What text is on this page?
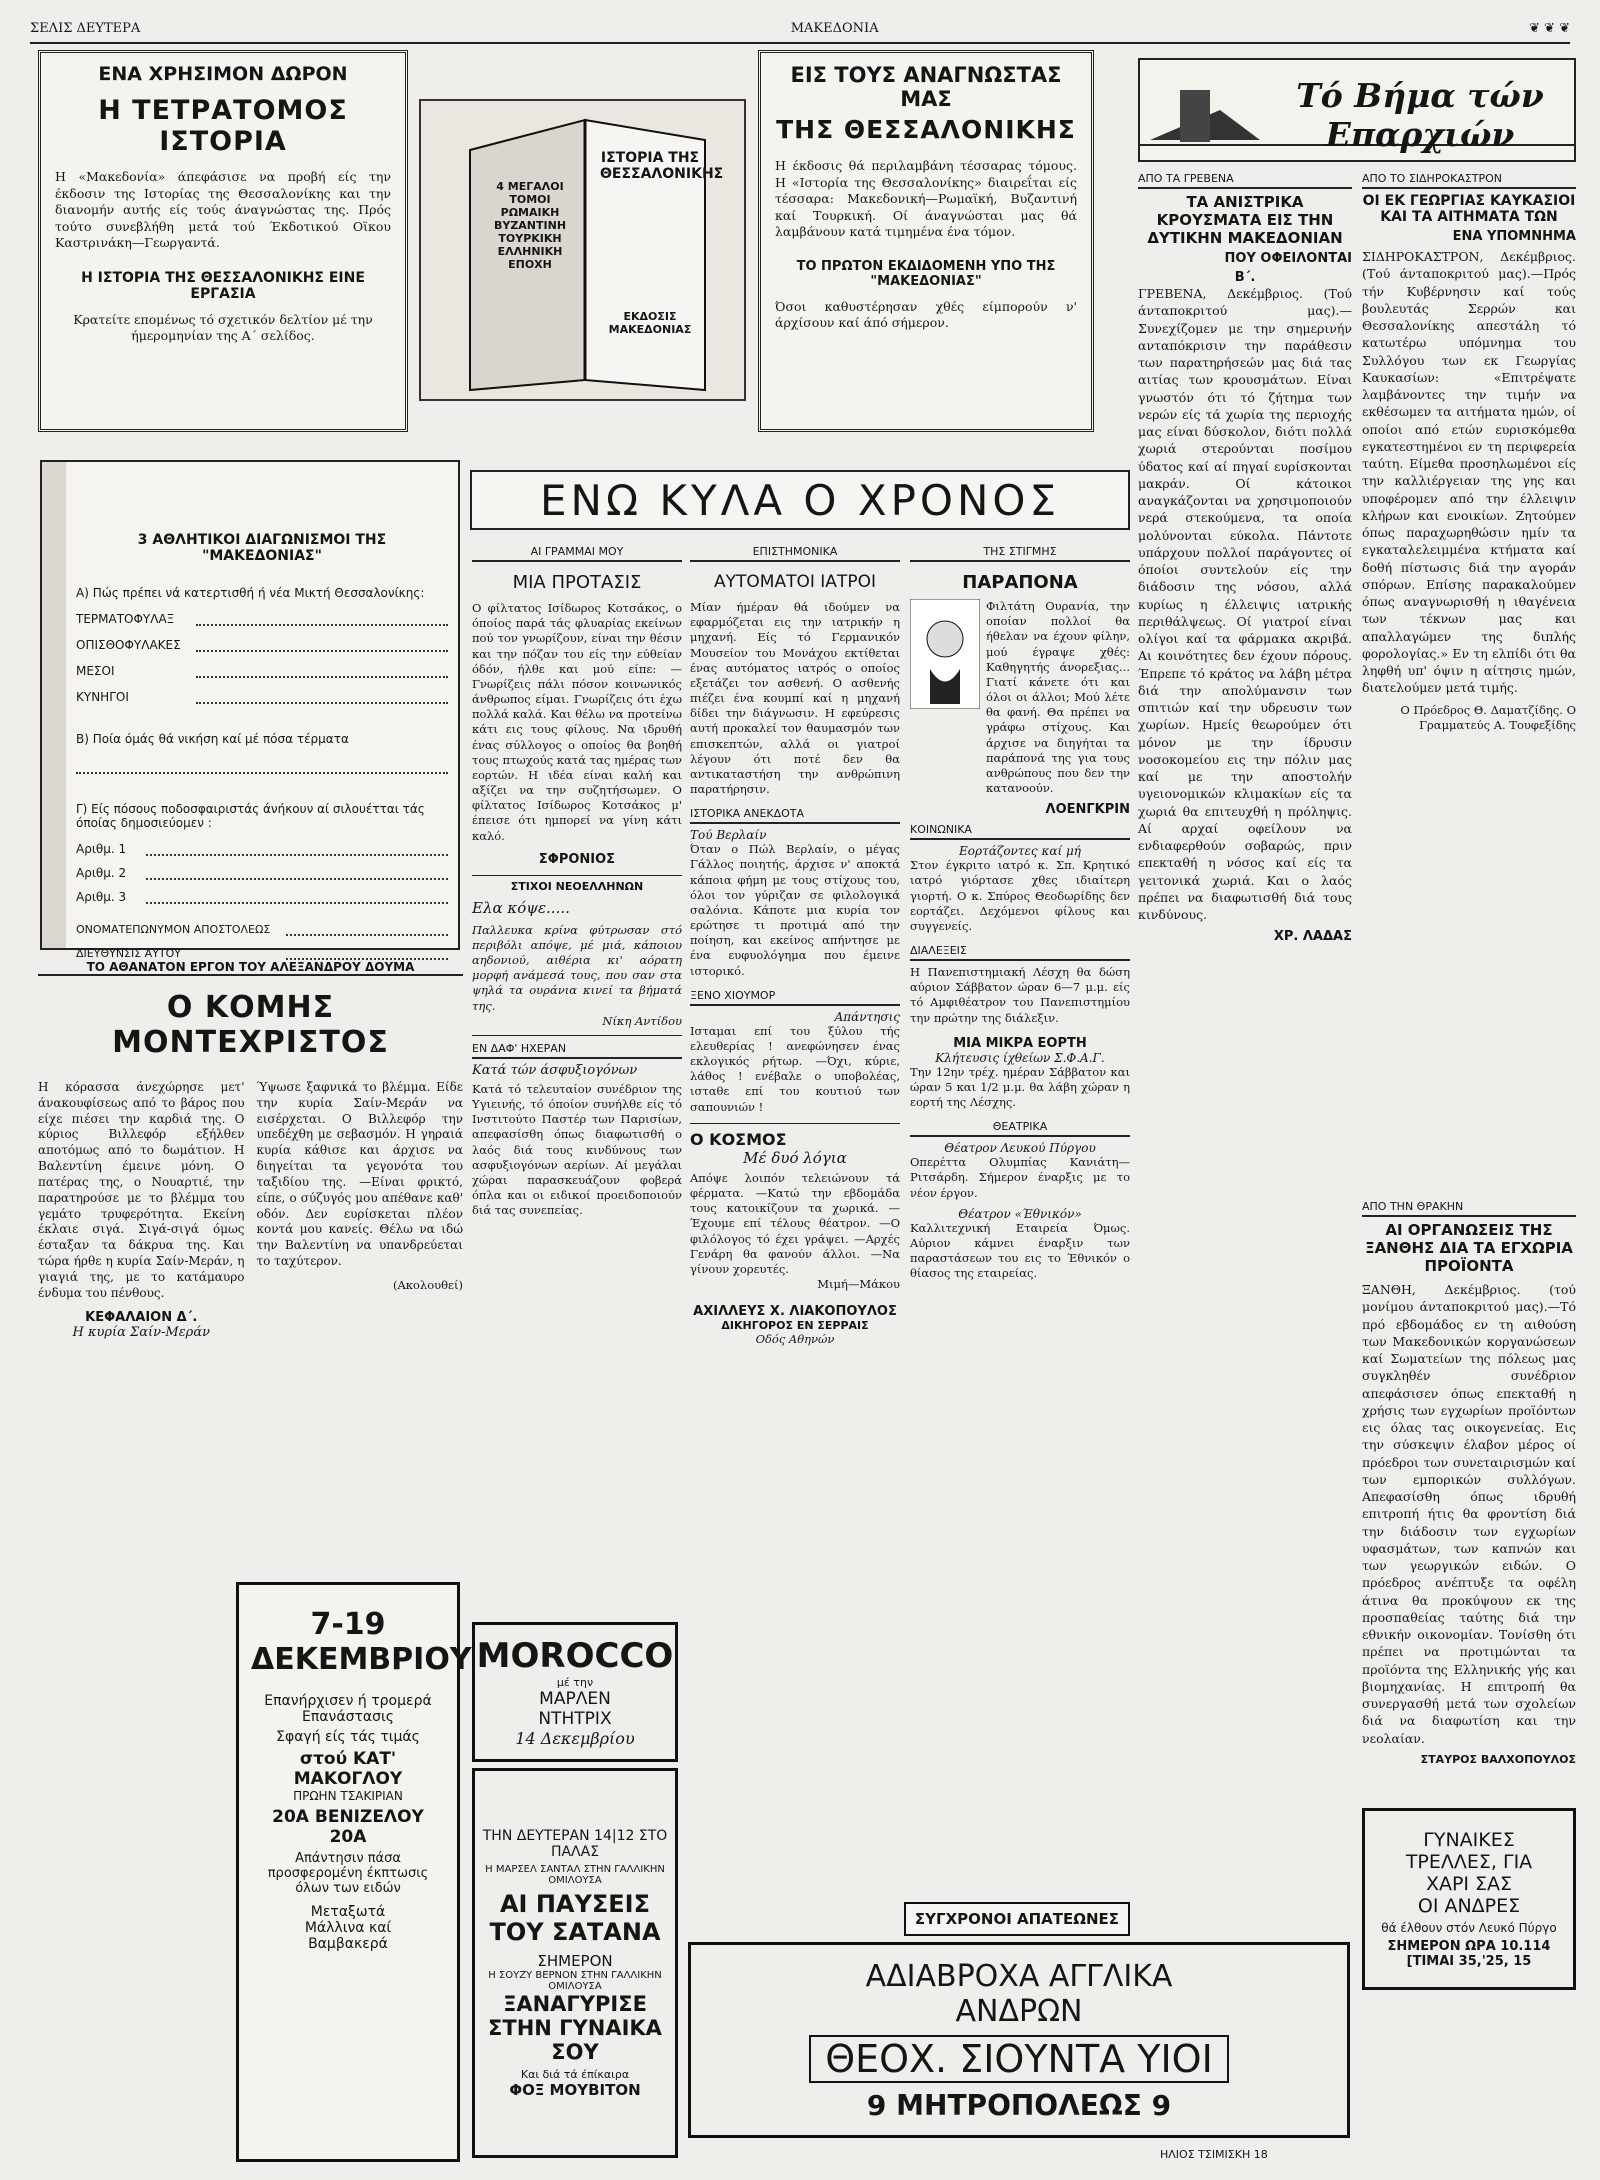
ΣΕΛΙΣ ΔΕΥΤΕΡΑ	ΜΑΚΕΔΟΝΙΑ	❦ ❦ ❦
ΕΝΑ ΧΡΗΣΙΜΟΝ ΔΩΡΟΝ
Η ΤΕΤΡΑΤΟΜΟΣ ΙΣΤΟΡΙΑ
Η «Μακεδονία» άπεφάσισε να προβή είς την έκδοσιν της Ιστορίας της Θεσσαλονίκης και την διανομήν αυτής είς τούς άναγνώστας της. Πρός τούτο συνεβλήθη μετά τού Έκδοτικού Οϊκου Καστρινάκη—Γεωργαντά.
Η ΙΣΤΟΡΙΑ ΤΗΣ ΘΕΣΣΑΛΟΝΙΚΗΣ ΕΙΝΕ ΕΡΓΑΣΙΑ
Κρατείτε επομένως τό σχετικόν δελτίον μέ την ήμερομηνίαν της Α΄ σελίδος.
ΙΣΤΟΡΙΑ ΤΗΣ ΘΕΣΣΑΛΟΝΙΚΗΣ
4 ΜΕΓΑΛΟΙ ΤΟΜΟΙ ΡΩΜΑΙΚΗ ΒΥΖΑΝΤΙΝΗ ΤΟΥΡΚΙΚΗ ΕΛΛΗΝΙΚΗ ΕΠΟΧΗ
ΕΚΔΟΣΙΣ ΜΑΚΕΔΟΝΙΑΣ
ΕΙΣ ΤΟΥΣ ΑΝΑΓΝΩΣΤΑΣ ΜΑΣ
ΤΗΣ ΘΕΣΣΑΛΟΝΙΚΗΣ
Η έκδοσις θά περιλαμβάνη τέσσαρας τόμους. Η «Ιστορία της Θεσσαλονίκης» διαιρεΐται είς τέσσαρα: Μακεδονική—Ρωμαϊκή, Βυζαντινή καί Τουρκική. Οί άναγνώσται μας θά λαμβάνουν κατά τιμημένα ένα τόμον.
ΤΟ ΠΡΩΤΟΝ ΕΚΔΙΔΟΜΕΝΗ ΥΠΟ ΤΗΣ "ΜΑΚΕΔΟΝΙΑΣ"
Όσοι καθυστέρησαν χθές είμπορούν ν' άρχίσουν καί άπό σήμερον.
Τό Βήμα τών Επαρχιών
ΑΠΟ ΤΑ ΓΡΕΒΕΝΑ
ΤΑ ΑΝΙΣΤΡΙΚΑ ΚΡΟΥΣΜΑΤΑ ΕΙΣ ΤΗΝ ΔΥΤΙΚΗΝ ΜΑΚΕΔΟΝΙΑΝ
ΠΟΥ ΟΦΕΙΛΟΝΤΑΙ
Β΄.
ΓΡΕΒΕΝΑ, Δεκέμβριος. (Τού άνταποκριτού μας).—Συνεχίζομεν με την σημερινήν ανταπόκρισιν την παράθεσιν των παρατηρήσεών μας διά τας αιτίας των κρουσμάτων. Είναι γνωστόν ότι τό ζήτημα των νερών είς τά χωρία της περιοχής μας είναι δύσκολον, διότι πολλά χωριά στερούνται ποσίμου ύδατος καί αί πηγαί ευρίσκονται μακράν. Οί κάτοικοι αναγκάζονται να χρησιμοποιούν νερά στεκούμενα, τα οποία μολύνονται εύκολα. Πάντοτε υπάρχουν πολλοί παράγοντες οί όποίοι συντελούν είς την διάδοσιν της νόσου, αλλά κυρίως η έλλειψις ιατρικής περιθάλψεως. Οί γιατροί είναι ολίγοι καί τα φάρμακα ακριβά. Αι κοινότητες δεν έχουν πόρους. Έπρεπε τό κράτος να λάβη μέτρα διά την απολύμανσιν των σπιτιών καί την υδρευσιν των χωρίων. Ημείς θεωρούμεν ότι μόνον με την ίδρυσιν νοσοκομείου εις την πόλιν μας καί με την αποστολήν υγειονομικών κλιμακίων είς τα χωριά θα επιτευχθή η πρόληψις. Αί αρχαί οφείλουν να ενδιαφερθούν σοβαρώς, πριν επεκταθή η νόσος καί είς τα γειτονικά χωριά. Και ο λαός πρέπει να διαφωτισθή διά τους κινδύνους.
ΧΡ. ΛΑΔΑΣ
ΑΠΟ ΤΟ ΣΙΔΗΡΟΚΑΣΤΡΟΝ
ΟΙ ΕΚ ΓΕΩΡΓΙΑΣ ΚΑΥΚΑΣΙΟΙ ΚΑΙ ΤΑ ΑΙΤΗΜΑΤΑ ΤΩΝ
ΕΝΑ ΥΠΟΜΝΗΜΑ
ΣΙΔΗΡΟΚΑΣΤΡΟΝ, Δεκέμβριος. (Τού άνταποκριτού μας).—Πρός τήν Κυβέρνησιν καί τούς βουλευτάς Σερρών και Θεσσαλονίκης απεστάλη τό κατωτέρω υπόμνημα του Συλλόγου των εκ Γεωργίας Καυκασίων: «Επιτρέψατε λαμβάνοντες την τιμήν να εκθέσωμεν τα αιτήματα ημών, οί οποίοι από ετών ευρισκόμεθα εγκατεστημένοι εν τη περιφερεία ταύτη. Είμεθα προσηλωμένοι είς την καλλιέργειαν της γης και υποφέρομεν από την έλλειψιν κλήρων και ενοικίων. Ζητούμεν όπως παραχωρηθώσιν ημίν τα εγκαταλελειμμένα κτήματα καί δοθή πίστωσις διά την αγοράν σπόρων. Επίσης παρακαλούμεν όπως αναγνωρισθή η ιθαγένεια των τέκνων μας και απαλλαγώμεν της διπλής φορολογίας.» Εν τη ελπίδι ότι θα ληφθή υπ' όψιν η αίτησις ημών, διατελούμεν μετά τιμής.
Ο Πρόεδρος Θ. Δαματζίδης. Ο Γραμματεύς Α. Τουφεξίδης
ΑΠΟ ΤΗΝ ΘΡΑΚΗΝ
ΑΙ ΟΡΓΑΝΩΣΕΙΣ ΤΗΣ ΞΑΝΘΗΣ ΔΙΑ ΤΑ ΕΓΧΩΡΙΑ ΠΡΟΪΟΝΤΑ
ΞΑΝΘΗ, Δεκέμβριος. (τού μονίμου άνταποκριτού μας).—Τό πρό εβδομάδος εν τη αιθούση των Μακεδονικών κοργανώσεων καί Σωματείων της πόλεως μας συγκληθέν συνέδριον απεφάσισεν όπως επεκταθή η χρήσις των εγχωρίων προϊόντων εις όλας τας οικογενείας. Εις την σύσκεψιν έλαβον μέρος οί πρόεδροι των συνεταιρισμών καί των εμπορικών συλλόγων. Απεφασίσθη όπως ιδρυθή επιτροπή ήτις θα φροντίση διά την διάδοσιν των εγχωρίων υφασμάτων, των καπνών και των γεωργικών ειδών. Ο πρόεδρος ανέπτυξε τα οφέλη άτινα θα προκύψουν εκ της προσπαθείας ταύτης διά την εθνικήν οικονομίαν. Τονίσθη ότι πρέπει να προτιμώνται τα προϊόντα της Ελληνικής γής και βιομηχανίας. Η επιτροπή θα συνεργασθή μετά των σχολείων διά να διαφωτίση και την νεολαίαν.
ΣΤΑΥΡΟΣ ΒΑΛΧΟΠΟΥΛΟΣ
ΓΥΝΑΙΚΕΣ
ΤΡΕΛΛΕΣ, ΓΙΑ
ΧΑΡΙ ΣΑΣ
ΟΙ ΑΝΔΡΕΣ
θά έλθουν στόν Λευκό Πύργο
ΣΗΜΕΡΟΝ ΩΡΑ 10.114
[ΤΙΜΑΙ 35,'25, 15
3 ΑΘΛΗΤΙΚΟΙ ΔΙΑΓΩΝΙΣΜΟΙ ΤΗΣ "ΜΑΚΕΔΟΝΙΑΣ"
Α) Πώς πρέπει νά κατερτισθή ή νέα Μικτή Θεσσαλονίκης:
ΤΕΡΜΑΤΟΦΥΛΑΞ
ΟΠΙΣΘΟΦΥΛΑΚΕΣ
ΜΕΣΟΙ
ΚΥΝΗΓΟΙ
Β) Ποία όμάς θά νικήση καί μέ πόσα τέρματα
Γ) Είς πόσους ποδοσφαιριστάς άνήκουν αί σιλουέτται τάς όποίας δημοσιεύομεν :
Αριθμ. 1
Αριθμ. 2
Αριθμ. 3
ΟΝΟΜΑΤΕΠΩΝΥΜΟΝ ΑΠΟΣΤΟΛΕΩΣ
ΔΙΕΥΘΥΝΣΙΣ ΑΥΤΟΥ
ΕΝΩ ΚΥΛΑ Ο ΧΡΟΝΟΣ
ΑΙ ΓΡΑΜΜΑΙ ΜΟΥ
ΜΙΑ ΠΡΟΤΑΣΙΣ
Ο φίλτατος Ισίδωρος Κοτσάκος, ο όποίος παρά τάς φλυαρίας εκείνων πού τον γνωρίζουν, είναι την θέσιν και την πόζαν του είς την εύθείαν όδόν, ήλθε και μού είπε: —Γνωρίζεις πάλι πόσον κοινωνικός άνθρωπος είμαι. Γνωρίζεις ότι έχω πολλά καλά. Και θέλω να προτείνω κάτι εις τους φίλους. Να ιδρυθή ένας σύλλογος ο οποίος θα βοηθή τους πτωχούς κατά τας ημέρας των εορτών. Η ιδέα είναι καλή και αξίζει να την συζητήσωμεν. Ο φίλτατος Ισίδωρος Κοτσάκος μ' έπεισε ότι ημπορεί να γίνη κάτι καλό.
ΣΦΡΟΝΙΟΣ
ΣΤΙΧΟΙ ΝΕΟΕΛΛΗΝΩΝ
Ελα κόψε.....
Παλλευκα κρίνα φύτρωσαν στό περιβόλι απόψε, μέ μιά, κάποιου αηδονιού, αιθέρια κι' αόρατη μορφή ανάμεσά τους, που σαν στα ψηλά τα ουράνια κινεί τα βήματά της.
Νίκη Αντίδου
ΕΝ ΔΑΦ' ΗΧΕΡΑΝ
Κατά τών άσφυξιογόνων
Κατά τό τελευταίον συνέδριον της Υγιεινής, τό όποίον συνήλθε είς τό Ινστιτούτο Παστέρ των Παρισίων, απεφασίσθη όπως διαφωτισθή ο λαός διά τους κινδύνους των ασφυξιογόνων αερίων. Αί μεγάλαι χώραι παρασκευάζουν φοβερά όπλα και οι ειδικοί προειδοποιούν διά τας συνεπείας.
ΕΠΙΣΤΗΜΟΝΙΚΑ
ΑΥΤΟΜΑΤΟΙ ΙΑΤΡΟΙ
Μίαν ήμέραν θά ιδούμεν να εφαρμόζεται εις την ιατρικήν η μηχανή. Είς τό Γερμανικόν Μουσείον του Μονάχου εκτίθεται ένας αυτόματος ιατρός ο οποίος εξετάζει τον ασθενή. Ο ασθενής πιέζει ένα κουμπί καί η μηχανή δίδει την διάγνωσιν. Η εφεύρεσις αυτή προκαλεί τον θαυμασμόν των επισκεπτών, αλλά οι γιατροί λέγουν ότι ποτέ δεν θα αντικαταστήση την ανθρώπινη παρατήρησιν.
ΙΣΤΟΡΙΚΑ ΑΝΕΚΔΟΤΑ
Τού Βερλαίν
Όταν ο Πώλ Βερλαίν, ο μέγας Γάλλος ποιητής, άρχισε ν' αποκτά κάποια φήμη με τους στίχους του, όλοι τον γύριζαν σε φιλολογικά σαλόνια. Κάποτε μια κυρία τον ερώτησε τι προτιμά από την ποίηση, και εκείνος απήντησε με ένα ευφυολόγημα που έμεινε ιστορικό.
ΞΕΝΟ ΧΙΟΥΜΟΡ
Απάντησις
Ισταμαι επί του ξύλου τής ελευθερίας ! ανεφώνησεν ένας εκλογικός ρήτωρ. —Όχι, κύριε, λάθος ! ενέβαλε ο υποβολέας, ισταθε επί του κουτιού των σαπουνιών !
Ο ΚΟΣΜΟΣ
Μέ δυό λόγια
Απόψε λοιπόν τελειώνουν τά φέρματα. —Κατώ την εβδομάδα τους κατοικίζουν τα χωρικά. —Έχουμε επί τέλους θέατρον. —Ο φιλόλογος τό έχει γράψει. —Αρχές Γενάρη θα φανούν άλλοι. —Να γίνουν χορευτές.
Μιμή—Μάκου
ΑΧΙΛΛΕΥΣ Χ. ΛΙΑΚΟΠΟΥΛΟΣ
ΔΙΚΗΓΟΡΟΣ ΕΝ ΣΕΡΡΑΙΣ
Οδός Αθηνών
ΤΗΣ ΣΤΙΓΜΗΣ
ΠΑΡΑΠΟΝΑ
Φιλτάτη Ουρανία, την οποίαν πολλοί θα ήθελαν να έχουν φίλην, μού έγραψε χθές: Καθηγητής άνορεξιας... Γιατί κάνετε ότι και όλοι οι άλλοι; Μού λέτε θα φανή. Θα πρέπει να γράφω στίχους. Και άρχισε να διηγήται τα παράπονά της για τους ανθρώπους που δεν την κατανοούν.
ΛΟΕΝΓΚΡΙΝ
ΚΟΙΝΩΝΙΚΑ
Εορτάζοντες καί μή
Στον έγκριτο ιατρό κ. Σπ. Κρητικό ιατρό γιόρτασε χθες ιδιαίτερη γιορτή. Ο κ. Σπύρος Θεοδωρίδης δεν εορτάζει. Δεχόμενοι φίλους και συγγενείς.
ΔΙΑΛΕΞΕΙΣ
Η Πανεπιστημιακή Λέσχη θα δώση αύριον Σάββατον ώραν 6—7 μ.μ. είς τό Αμφιθέατρον του Πανεπιστημίου την πρώτην της διάλεξιν.
ΜΙΑ ΜΙΚΡΑ ΕΟΡΤΗ
Κλήτευσις ίχθείων Σ.Φ.Α.Γ.
Την 12ην τρέχ. ημέραν Σάββατον και ώραν 5 και 1/2 μ.μ. θα λάβη χώραν η εορτή της Λέσχης.
ΘΕΑΤΡΙΚΑ
Θέατρον Λευκού Πύργου
Οπερέττα Ολυμπίας Κανιάτη—Ριτσάρδη. Σήμερον έναρξις με το νέον έργον.
Θέατρον «Έθνικόν»
Καλλιτεχνική Εταιρεία Όμως. Αύριον κάμνει έναρξιν των παραστάσεων του εις το Έθνικόν ο θίασος της εταιρείας.
ΤΟ ΑΘΑΝΑΤΟΝ ΕΡΓΟΝ ΤΟΥ ΑΛΕΞΑΝΔΡΟΥ ΔΟΥΜΑ
Ο ΚΟΜΗΣ ΜΟΝΤΕΧΡΙΣΤΟΣ
Η κόρασσα άνεχώρησε μετ' άνακουφίσεως από το βάρος που είχε πιέσει την καρδιά της. Ο κύριος Βιλλεφόρ εξήλθεν αποτόμως από το δωμάτιον. Η Βαλεντίνη έμεινε μόνη. Ο πατέρας της, ο Νουαρτιέ, την παρατηρούσε με το βλέμμα του γεμάτο τρυφερότητα. Εκείνη έκλαιε σιγά. Σιγά-σιγά όμως έσταξαν τα δάκρυα της. Και τώρα ήρθε η κυρία Σαίν-Μεράν, η γιαγιά της, με το κατάμαυρο ένδυμα του πένθους.
ΚΕΦΑΛΑΙΟΝ Δ΄.
Η κυρία Σαίν-Μεράν
Ύψωσε ξαφνικά το βλέμμα. Είδε την κυρία Σαίν-Μεράν να εισέρχεται. Ο Βιλλεφόρ την υπεδέχθη με σεβασμόν. Η γηραιά κυρία κάθισε και άρχισε να διηγείται τα γεγονότα του ταξιδίου της. —Είναι φρικτό, είπε, ο σύζυγός μου απέθανε καθ' οδόν. Δεν ευρίσκεται πλέον κοντά μου κανείς. Θέλω να ιδώ την Βαλεντίνη να υπανδρεύεται το ταχύτερον.
(Ακολουθεί)
7-19 ΔΕΚΕΜΒΡΙΟΥ
Επανήρχισεν ή τρομερά Επανάστασις
Σφαγή είς τάς τιμάς
στού ΚΑΤ' ΜΑΚΟΓΛΟΥ
ΠΡΩΗΝ ΤΣΑΚΙΡΙΑΝ
20Α ΒΕΝΙΖΕΛΟΥ 20Α
Απάντησιν πάσα προσφερομένη έκπτωσις όλων των ειδών
Μεταξωτά
Μάλλινα καί
Βαμβακερά
MOROCCO
μέ την
ΜΑΡΛΕΝ
ΝΤΗΤΡΙΧ
14 Δεκεμβρίου
ΤΗΝ ΔΕΥΤΕΡΑΝ 14|12 ΣΤΟ ΠΑΛΑΣ
Η ΜΑΡΣΕΛ ΣΑΝΤΑΛ ΣΤΗΝ ΓΑΛΛΙΚΗΝ ΟΜΙΛΟΥΣΑ
ΑΙ ΠΑΥΣΕΙΣ ΤΟΥ ΣΑΤΑΝΑ
ΣΗΜΕΡΟΝ
Η ΣΟΥΖΥ ΒΕΡΝΟΝ ΣΤΗΝ ΓΑΛΛΙΚΗΝ ΟΜΙΛΟΥΣΑ
ΞΑΝΑΓΥΡΙΣΕ ΣΤΗΝ ΓΥΝΑΙΚΑ ΣΟΥ
Και διά τά έπίκαιρα
ΦΟΞ ΜΟΥΒΙΤΟΝ
ΣΥΓΧΡΟΝΟΙ ΑΠΑΤΕΩΝΕΣ
ΑΔΙΑΒΡΟΧΑ ΑΓΓΛΙΚΑ
ΑΝΔΡΩΝ
ΘΕΟΧ. ΣΙΟΥΝΤΑ ΥΙΟΙ
9 ΜΗΤΡΟΠΟΛΕΩΣ 9
ΗΛΙΟΣ ΤΣΙΜΙΣΚΗ 18
